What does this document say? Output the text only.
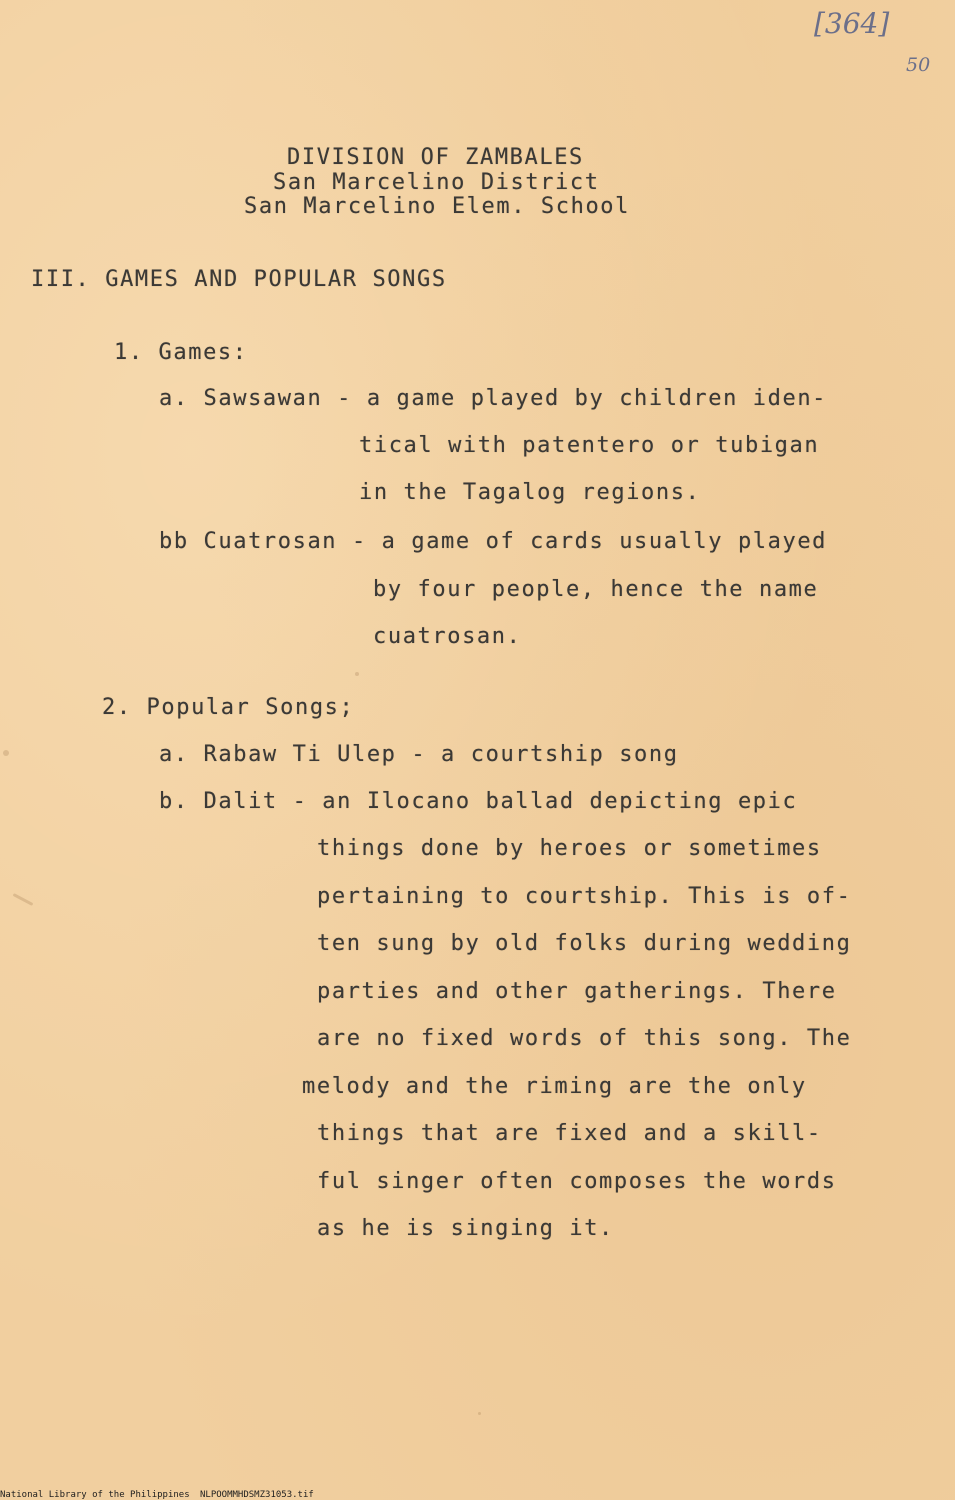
[364]
50
DIVISION OF ZAMBALES
San Marcelino District
San Marcelino Elem. School
III. GAMES AND POPULAR SONGS
1. Games:
a. Sawsawan - a game played by children iden-
tical with patentero or tubigan
in the Tagalog regions.
bb Cuatrosan - a game of cards usually played
by four people, hence the name
cuatrosan.
2. Popular Songs;
a. Rabaw Ti Ulep - a courtship song
b. Dalit - an Ilocano ballad depicting epic
things done by heroes or sometimes
pertaining to courtship. This is of-
ten sung by old folks during wedding
parties and other gatherings. There
are no fixed words of this song. The
melody and the riming are the only
things that are fixed and a skill-
ful singer often composes the words
as he is singing it.
National Library of the Philippines NLPOOMMHDSMZ31053.tif
